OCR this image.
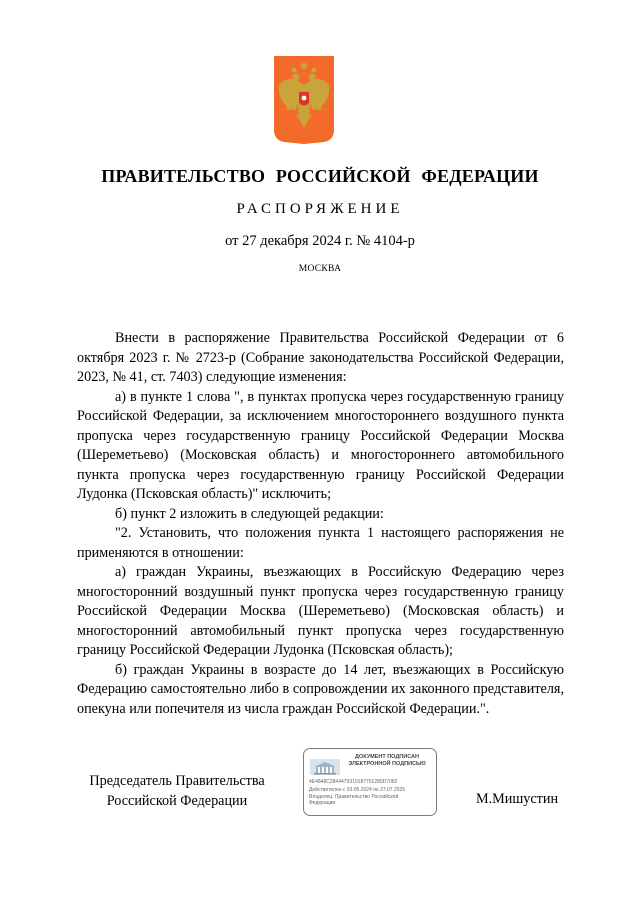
ПРАВИТЕЛЬСТВО РОССИЙСКОЙ ФЕДЕРАЦИИ
РАСПОРЯЖЕНИЕ
от 27 декабря 2024 г. № 4104-р
МОСКВА

Внести в распоряжение Правительства Российской Федерации от 6 октября 2023 г. № 2723-р (Собрание законодательства Российской Федерации, 2023, № 41, ст. 7403) следующие изменения:

а) в пункте 1 слова ", в пунктах пропуска через государственную границу Российской Федерации, за исключением многостороннего воздушного пункта пропуска через государственную границу Российской Федерации Москва (Шереметьево) (Московская область) и многостороннего автомобильного пункта пропуска через государственную границу Российской Федерации Лудонка (Псковская область)" исключить;

б) пункт 2 изложить в следующей редакции:

"2. Установить, что положения пункта 1 настоящего распоряжения не применяются в отношении:

а) граждан Украины, въезжающих в Российскую Федерацию через многосторонний воздушный пункт пропуска через государственную границу Российской Федерации Москва (Шереметьево) (Московская область) и многосторонний автомобильный пункт пропуска через государственную границу Российской Федерации Лудонка (Псковская область);

б) граждан Украины в возрасте до 14 лет, въезжающих в Российскую Федерацию самостоятельно либо в сопровождении их законного представителя, опекуна или попечителя из числа граждан Российской Федерации.".

Председатель Правительства
Российской Федерации
ДОКУМЕНТ ПОДПИСАН
ЭЛЕКТРОННОЙ ПОДПИСЬЮ
4E4848C2844479319187701280D7082
Действителен с 03.05.2024 по 27.07.2025
Владелец: Правительство Российской
Федерации	М.Мишустин
